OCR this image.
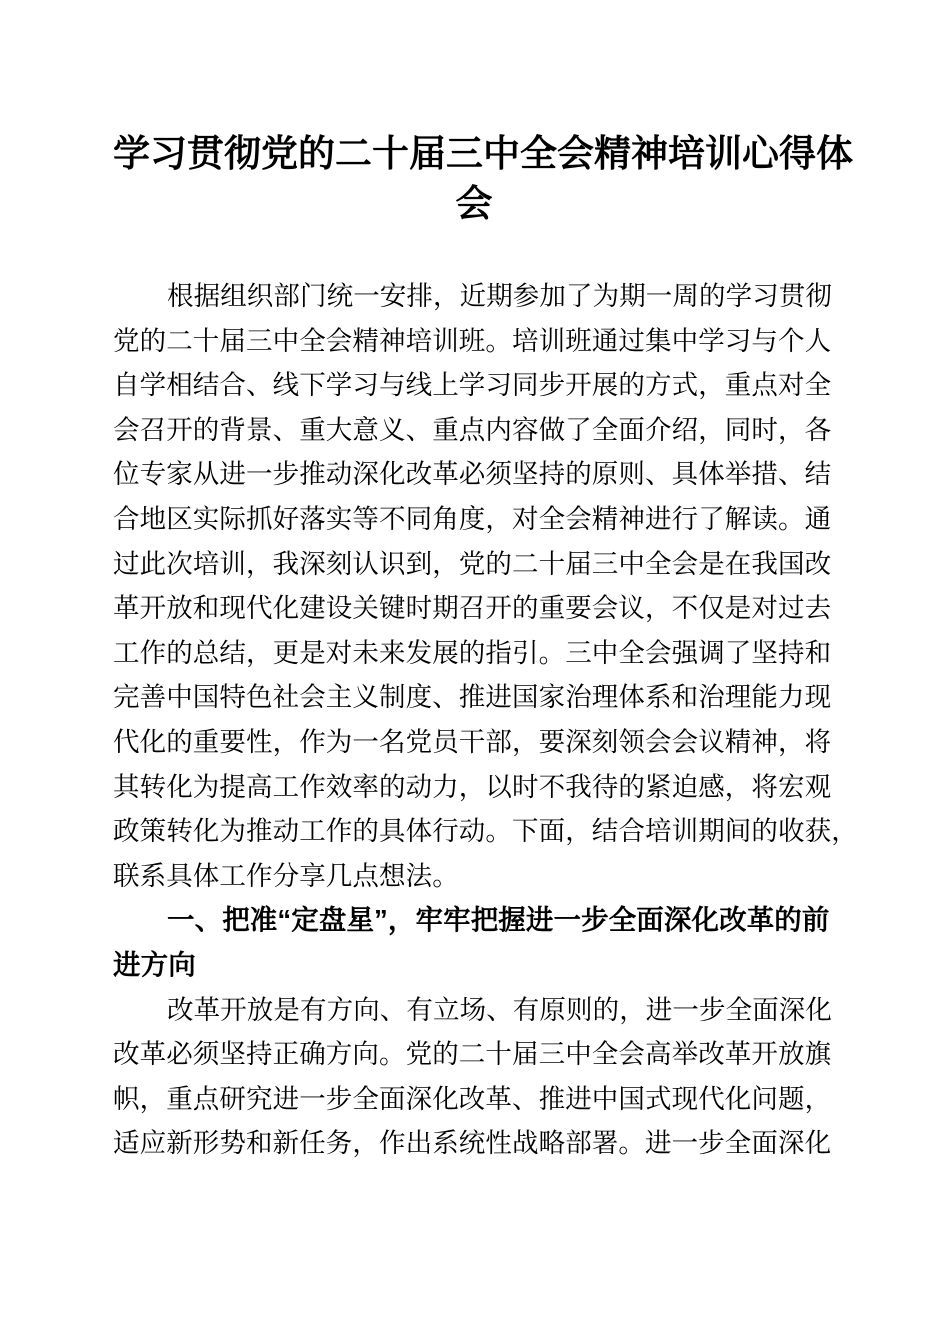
学习贯彻党的二十届三中全会精神培训心得体
会
根据组织部门统一安排，近期参加了为期一周的学习贯彻
党的二十届三中全会精神培训班。培训班通过集中学习与个人
自学相结合、线下学习与线上学习同步开展的方式，重点对全
会召开的背景、重大意义、重点内容做了全面介绍，同时，各
位专家从进一步推动深化改革必须坚持的原则、具体举措、结
合地区实际抓好落实等不同角度，对全会精神进行了解读。通
过此次培训，我深刻认识到，党的二十届三中全会是在我国改
革开放和现代化建设关键时期召开的重要会议，不仅是对过去
工作的总结，更是对未来发展的指引。三中全会强调了坚持和
完善中国特色社会主义制度、推进国家治理体系和治理能力现
代化的重要性，作为一名党员干部，要深刻领会会议精神，将
其转化为提高工作效率的动力，以时不我待的紧迫感，将宏观
政策转化为推动工作的具体行动。下面，结合培训期间的收获，
联系具体工作分享几点想法。
一、把准“定盘星”，牢牢把握进一步全面深化改革的前
进方向
改革开放是有方向、有立场、有原则的，进一步全面深化
改革必须坚持正确方向。党的二十届三中全会高举改革开放旗
帜，重点研究进一步全面深化改革、推进中国式现代化问题，
适应新形势和新任务，作出系统性战略部署。进一步全面深化
